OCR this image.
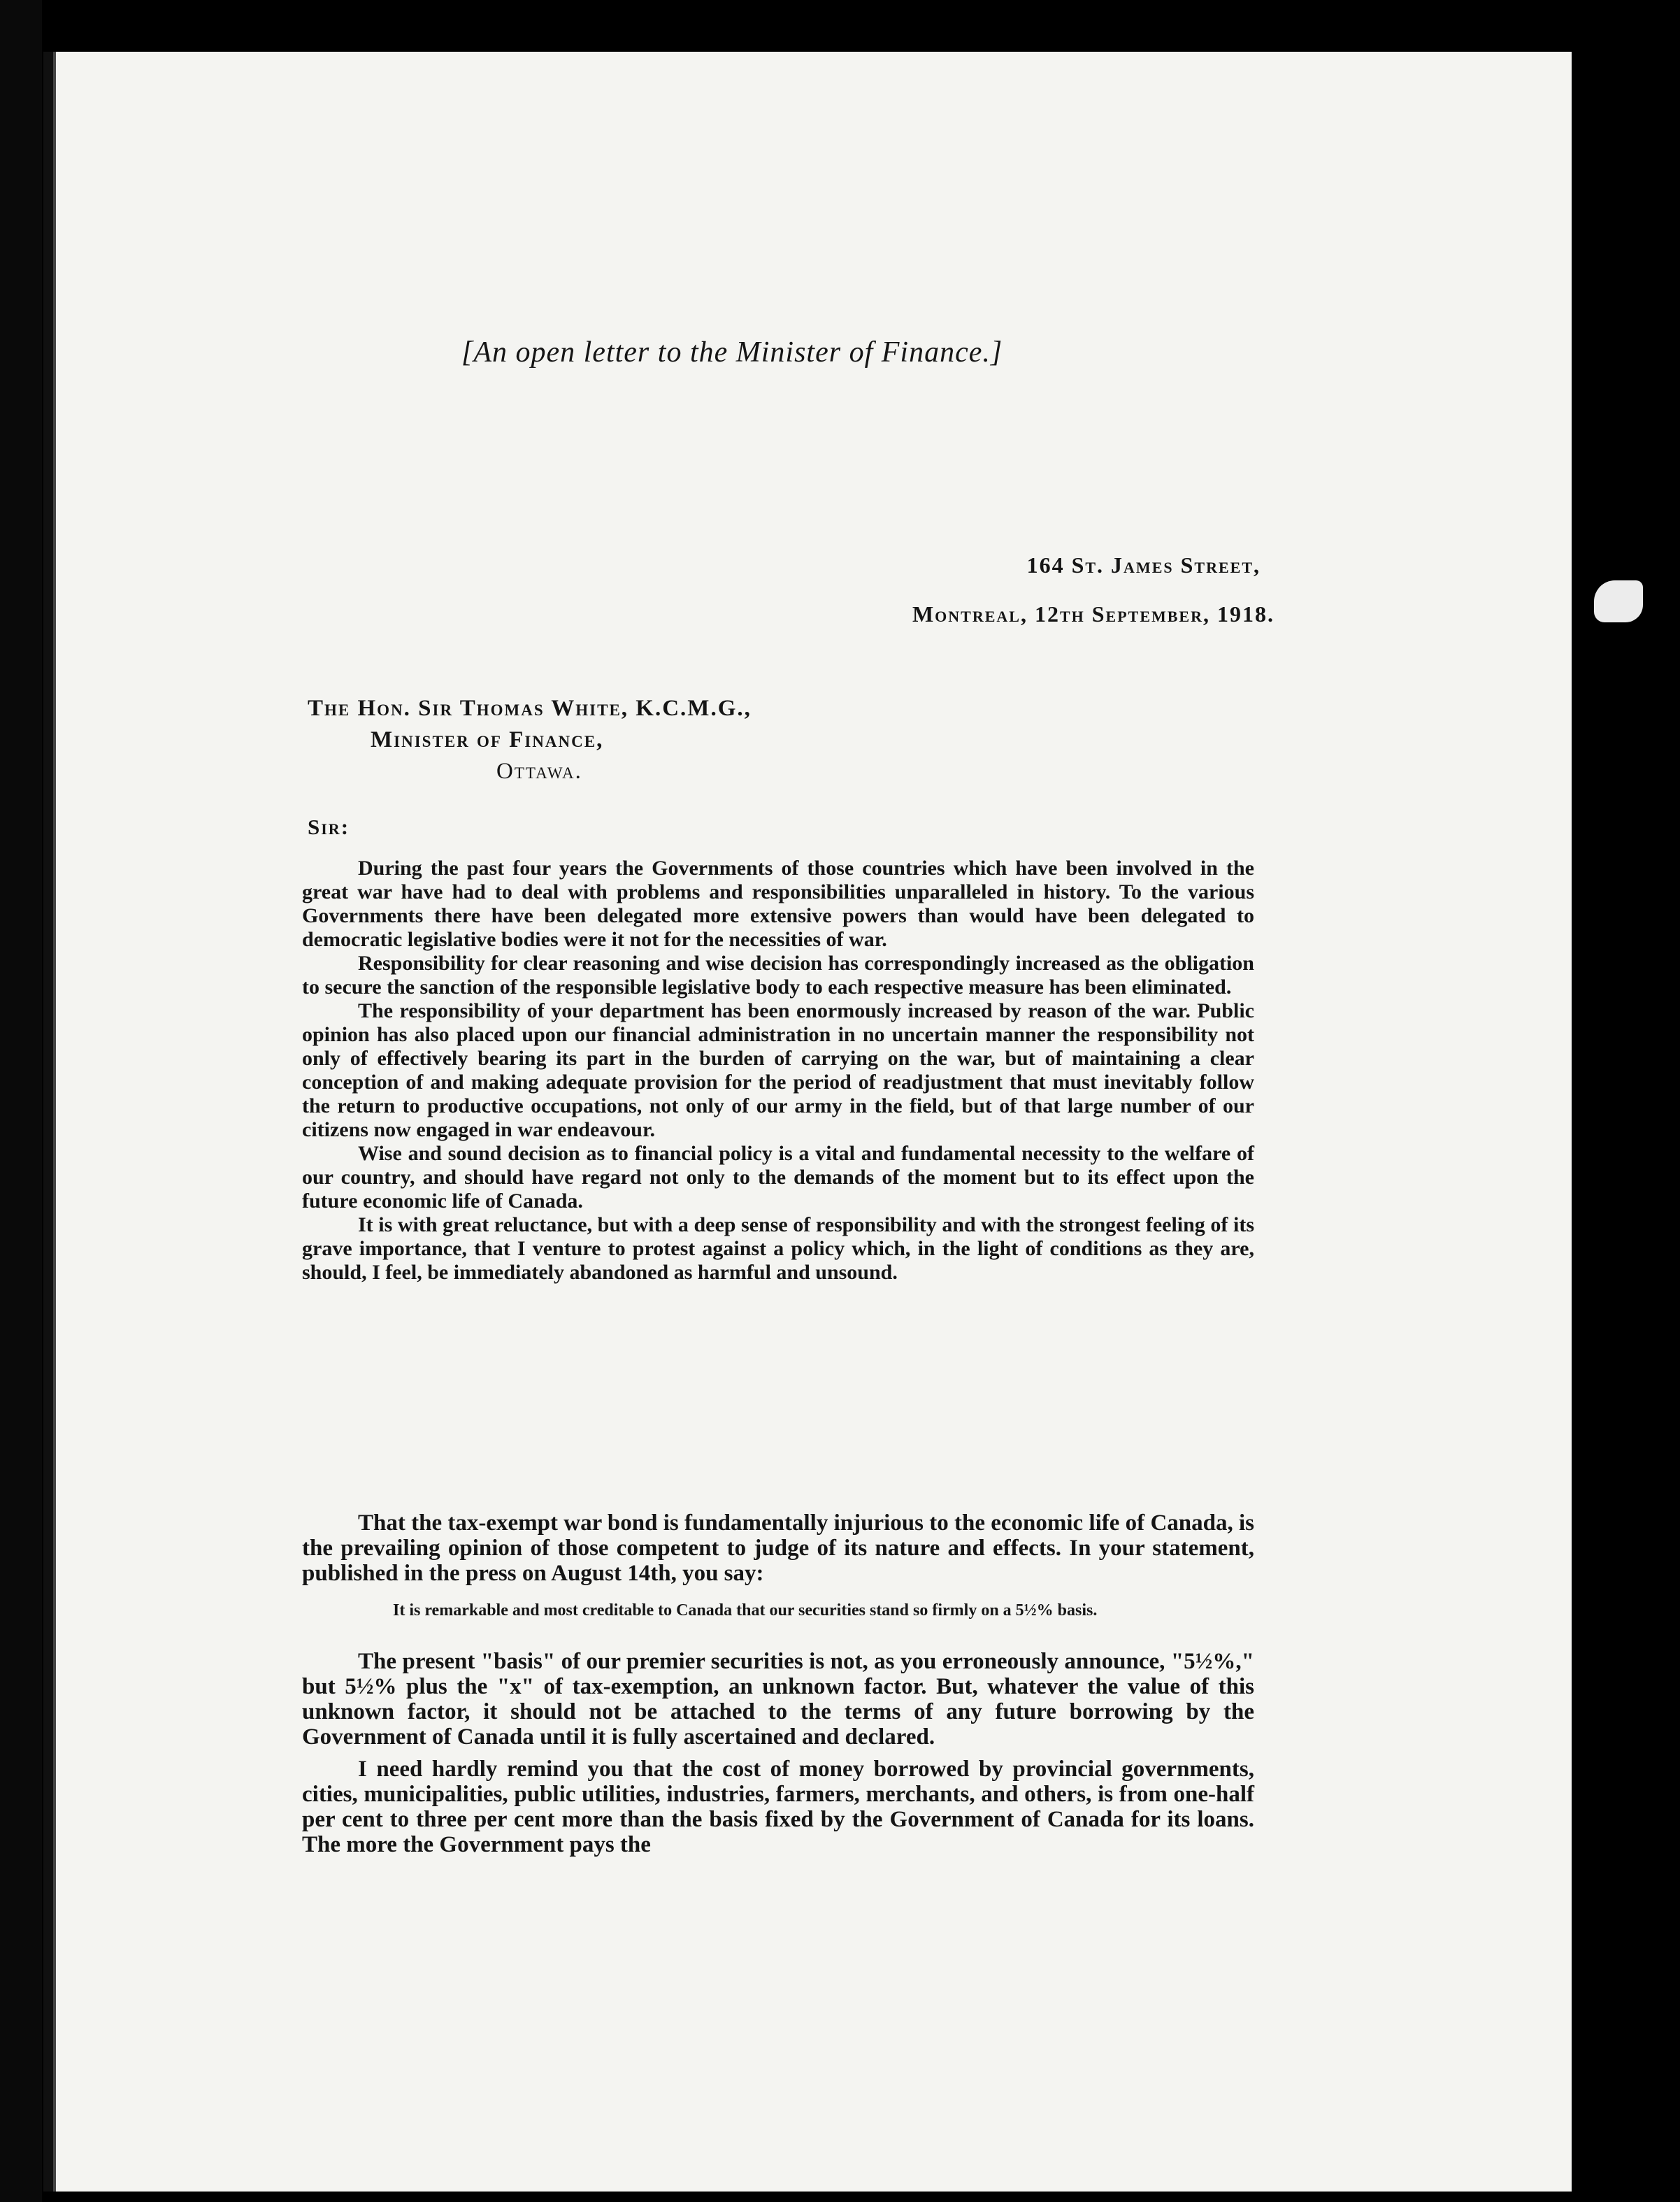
[An open letter to the Minister of Finance.]
164 St. James Street,
Montreal, 12th September, 1918.
The Hon. Sir Thomas White, K.C.M.G.,
Minister of Finance,
Ottawa.
Sir:

During the past four years the Governments of those countries which have been involved in the great war have had to deal with problems and responsibilities unparalleled in history. To the various Governments there have been delegated more extensive powers than would have been delegated to democratic legislative bodies were it not for the necessities of war.

Responsibility for clear reasoning and wise decision has correspondingly increased as the obligation to secure the sanction of the responsible legislative body to each respective measure has been eliminated.

The responsibility of your department has been enormously increased by reason of the war. Public opinion has also placed upon our financial administration in no uncertain manner the responsibility not only of effectively bearing its part in the burden of carrying on the war, but of maintaining a clear conception of and making adequate provision for the period of readjustment that must inevitably follow the return to productive occupations, not only of our army in the field, but of that large number of our citizens now engaged in war endeavour.

Wise and sound decision as to financial policy is a vital and fundamental necessity to the welfare of our country, and should have regard not only to the demands of the moment but to its effect upon the future economic life of Canada.

It is with great reluctance, but with a deep sense of responsibility and with the strongest feeling of its grave importance, that I venture to protest against a policy which, in the light of conditions as they are, should, I feel, be immediately abandoned as harmful and unsound.

That the tax-exempt war bond is fundamentally injurious to the economic life of Canada, is the prevailing opinion of those competent to judge of its nature and effects. In your statement, published in the press on August 14th, you say:

It is remarkable and most creditable to Canada that our securities stand so firmly on a 5½% basis.

The present "basis" of our premier securities is not, as you erroneously announce, "5½%," but 5½% plus the "x" of tax-exemption, an unknown factor. But, whatever the value of this unknown factor, it should not be attached to the terms of any future borrowing by the Government of Canada until it is fully ascertained and declared.

I need hardly remind you that the cost of money borrowed by provincial governments, cities, municipalities, public utilities, industries, farmers, merchants, and others, is from one-half per cent to three per cent more than the basis fixed by the Government of Canada for its loans. The more the Government pays the
